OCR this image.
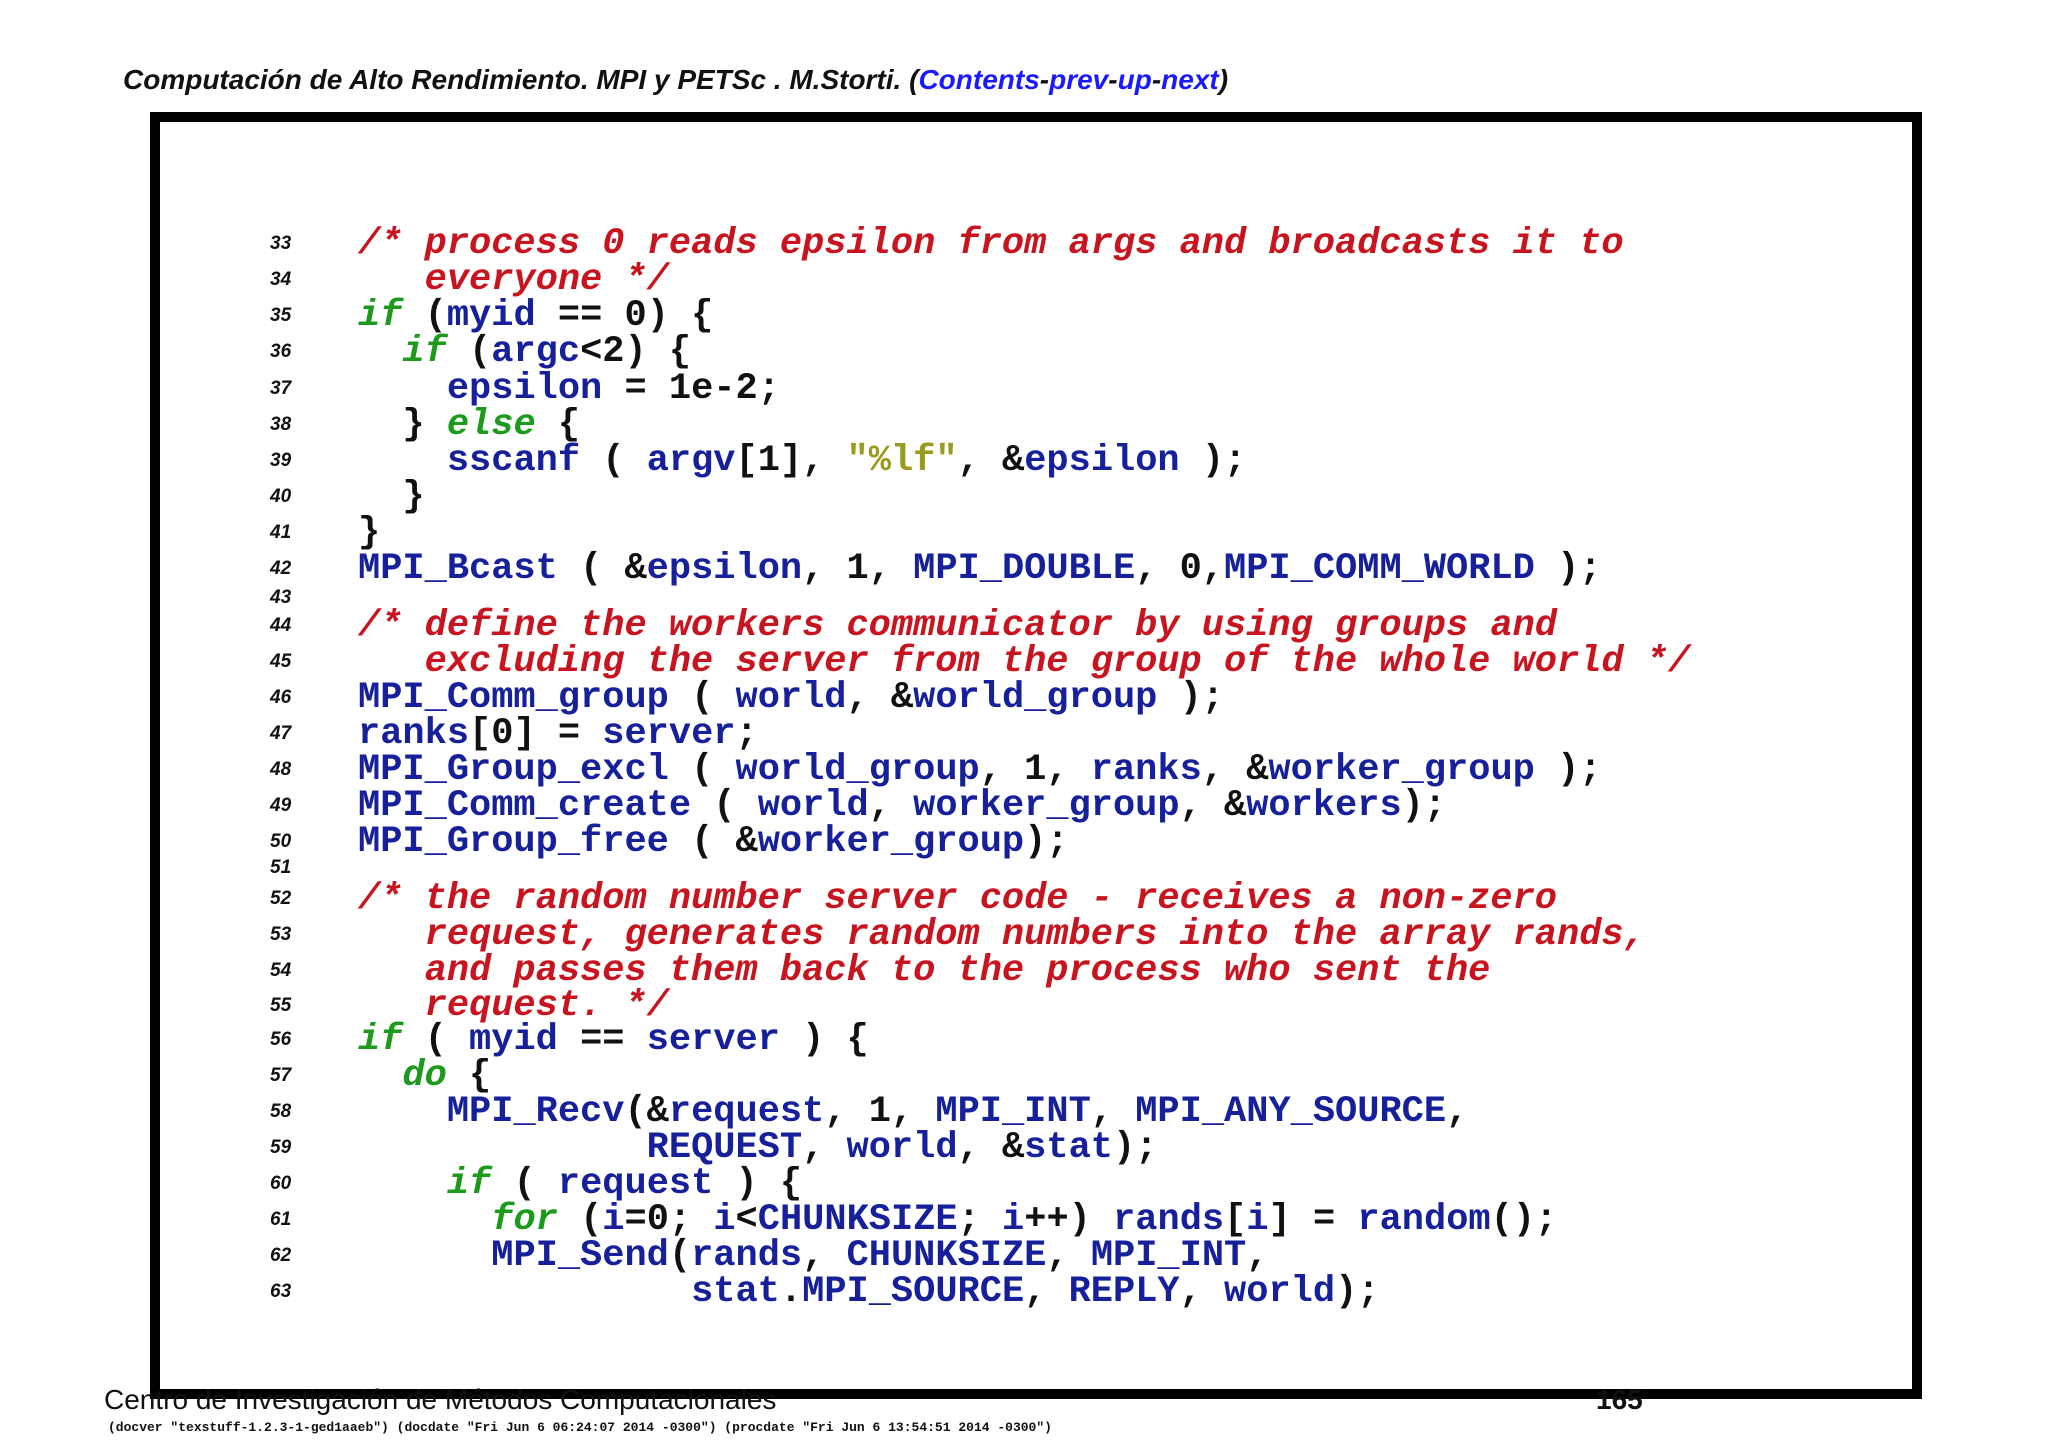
Computación de Alto Rendimiento. MPI y PETSc . M.Storti. (Contents-prev-up-next)
33	/* process 0 reads epsilon from args and broadcasts it to
34	everyone */
35	if (myid == 0) {
36	if (argc<2) {
37	epsilon = 1e-2;
38	} else {
39	sscanf ( argv[1], "%lf", &epsilon );
40	}
41	}
42	MPI_Bcast ( &epsilon, 1, MPI_DOUBLE, 0,MPI_COMM_WORLD );
43
44	/* define the workers communicator by using groups and
45	excluding the server from the group of the whole world */
46	MPI_Comm_group ( world, &world_group );
47	ranks[0] = server;
48	MPI_Group_excl ( world_group, 1, ranks, &worker_group );
49	MPI_Comm_create ( world, worker_group, &workers);
50	MPI_Group_free ( &worker_group);
51
52	/* the random number server code - receives a non-zero
53	request, generates random numbers into the array rands,
54	and passes them back to the process who sent the
55	request. */
56	if ( myid == server ) {
57	do {
58	MPI_Recv(&request, 1, MPI_INT, MPI_ANY_SOURCE,
59	REQUEST, world, &stat);
60	if ( request ) {
61	for (i=0; i<CHUNKSIZE; i++) rands[i] = random();
62	MPI_Send(rands, CHUNKSIZE, MPI_INT,
63	stat.MPI_SOURCE, REPLY, world);
Centro de Investigación de Métodos Computacionales	165
(docver "texstuff-1.2.3-1-ged1aaeb") (docdate "Fri Jun 6 06:24:07 2014 -0300") (procdate "Fri Jun 6 13:54:51 2014 -0300")
